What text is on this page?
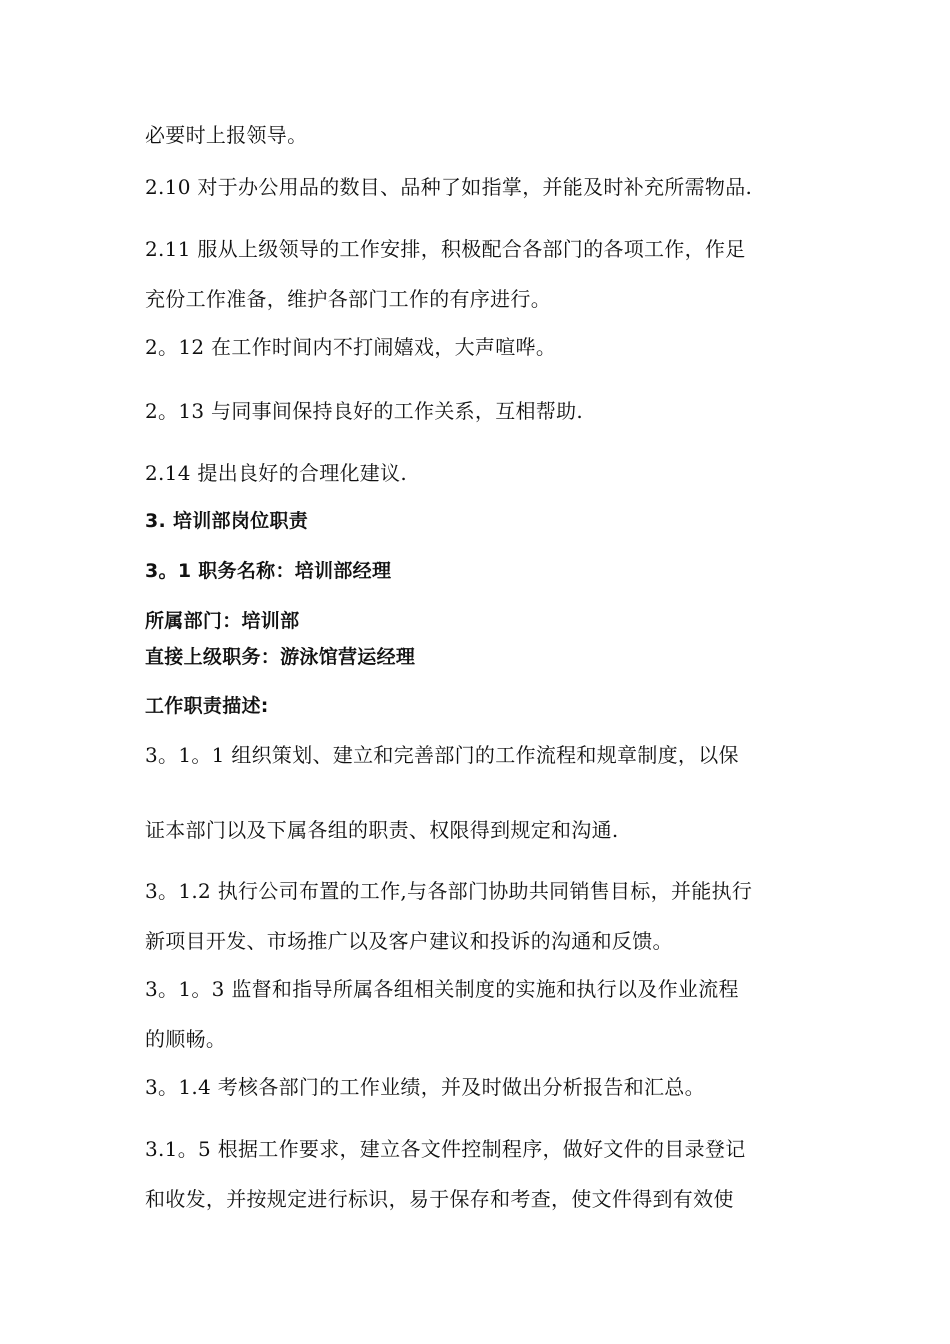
必要时上报领导。
2.10 对于办公用品的数目、品种了如指掌，并能及时补充所需物品.
2.11 服从上级领导的工作安排，积极配合各部门的各项工作，作足
充份工作准备，维护各部门工作的有序进行。
2。12 在工作时间内不打闹嬉戏，大声喧哗。
2。13 与同事间保持良好的工作关系，互相帮助.
2.14 提出良好的合理化建议.
3. 培训部岗位职责
3。1 职务名称：培训部经理
所属部门：培训部
直接上级职务：游泳馆营运经理
工作职责描述:
3。1。1 组织策划、建立和完善部门的工作流程和规章制度，以保
证本部门以及下属各组的职责、权限得到规定和沟通.
3。1.2 执行公司布置的工作,与各部门协助共同销售目标，并能执行
新项目开发、市场推广以及客户建议和投诉的沟通和反馈。
3。1。3 监督和指导所属各组相关制度的实施和执行以及作业流程
的顺畅。
3。1.4 考核各部门的工作业绩，并及时做出分析报告和汇总。
3.1。5 根据工作要求，建立各文件控制程序，做好文件的目录登记
和收发，并按规定进行标识，易于保存和考查，使文件得到有效使
